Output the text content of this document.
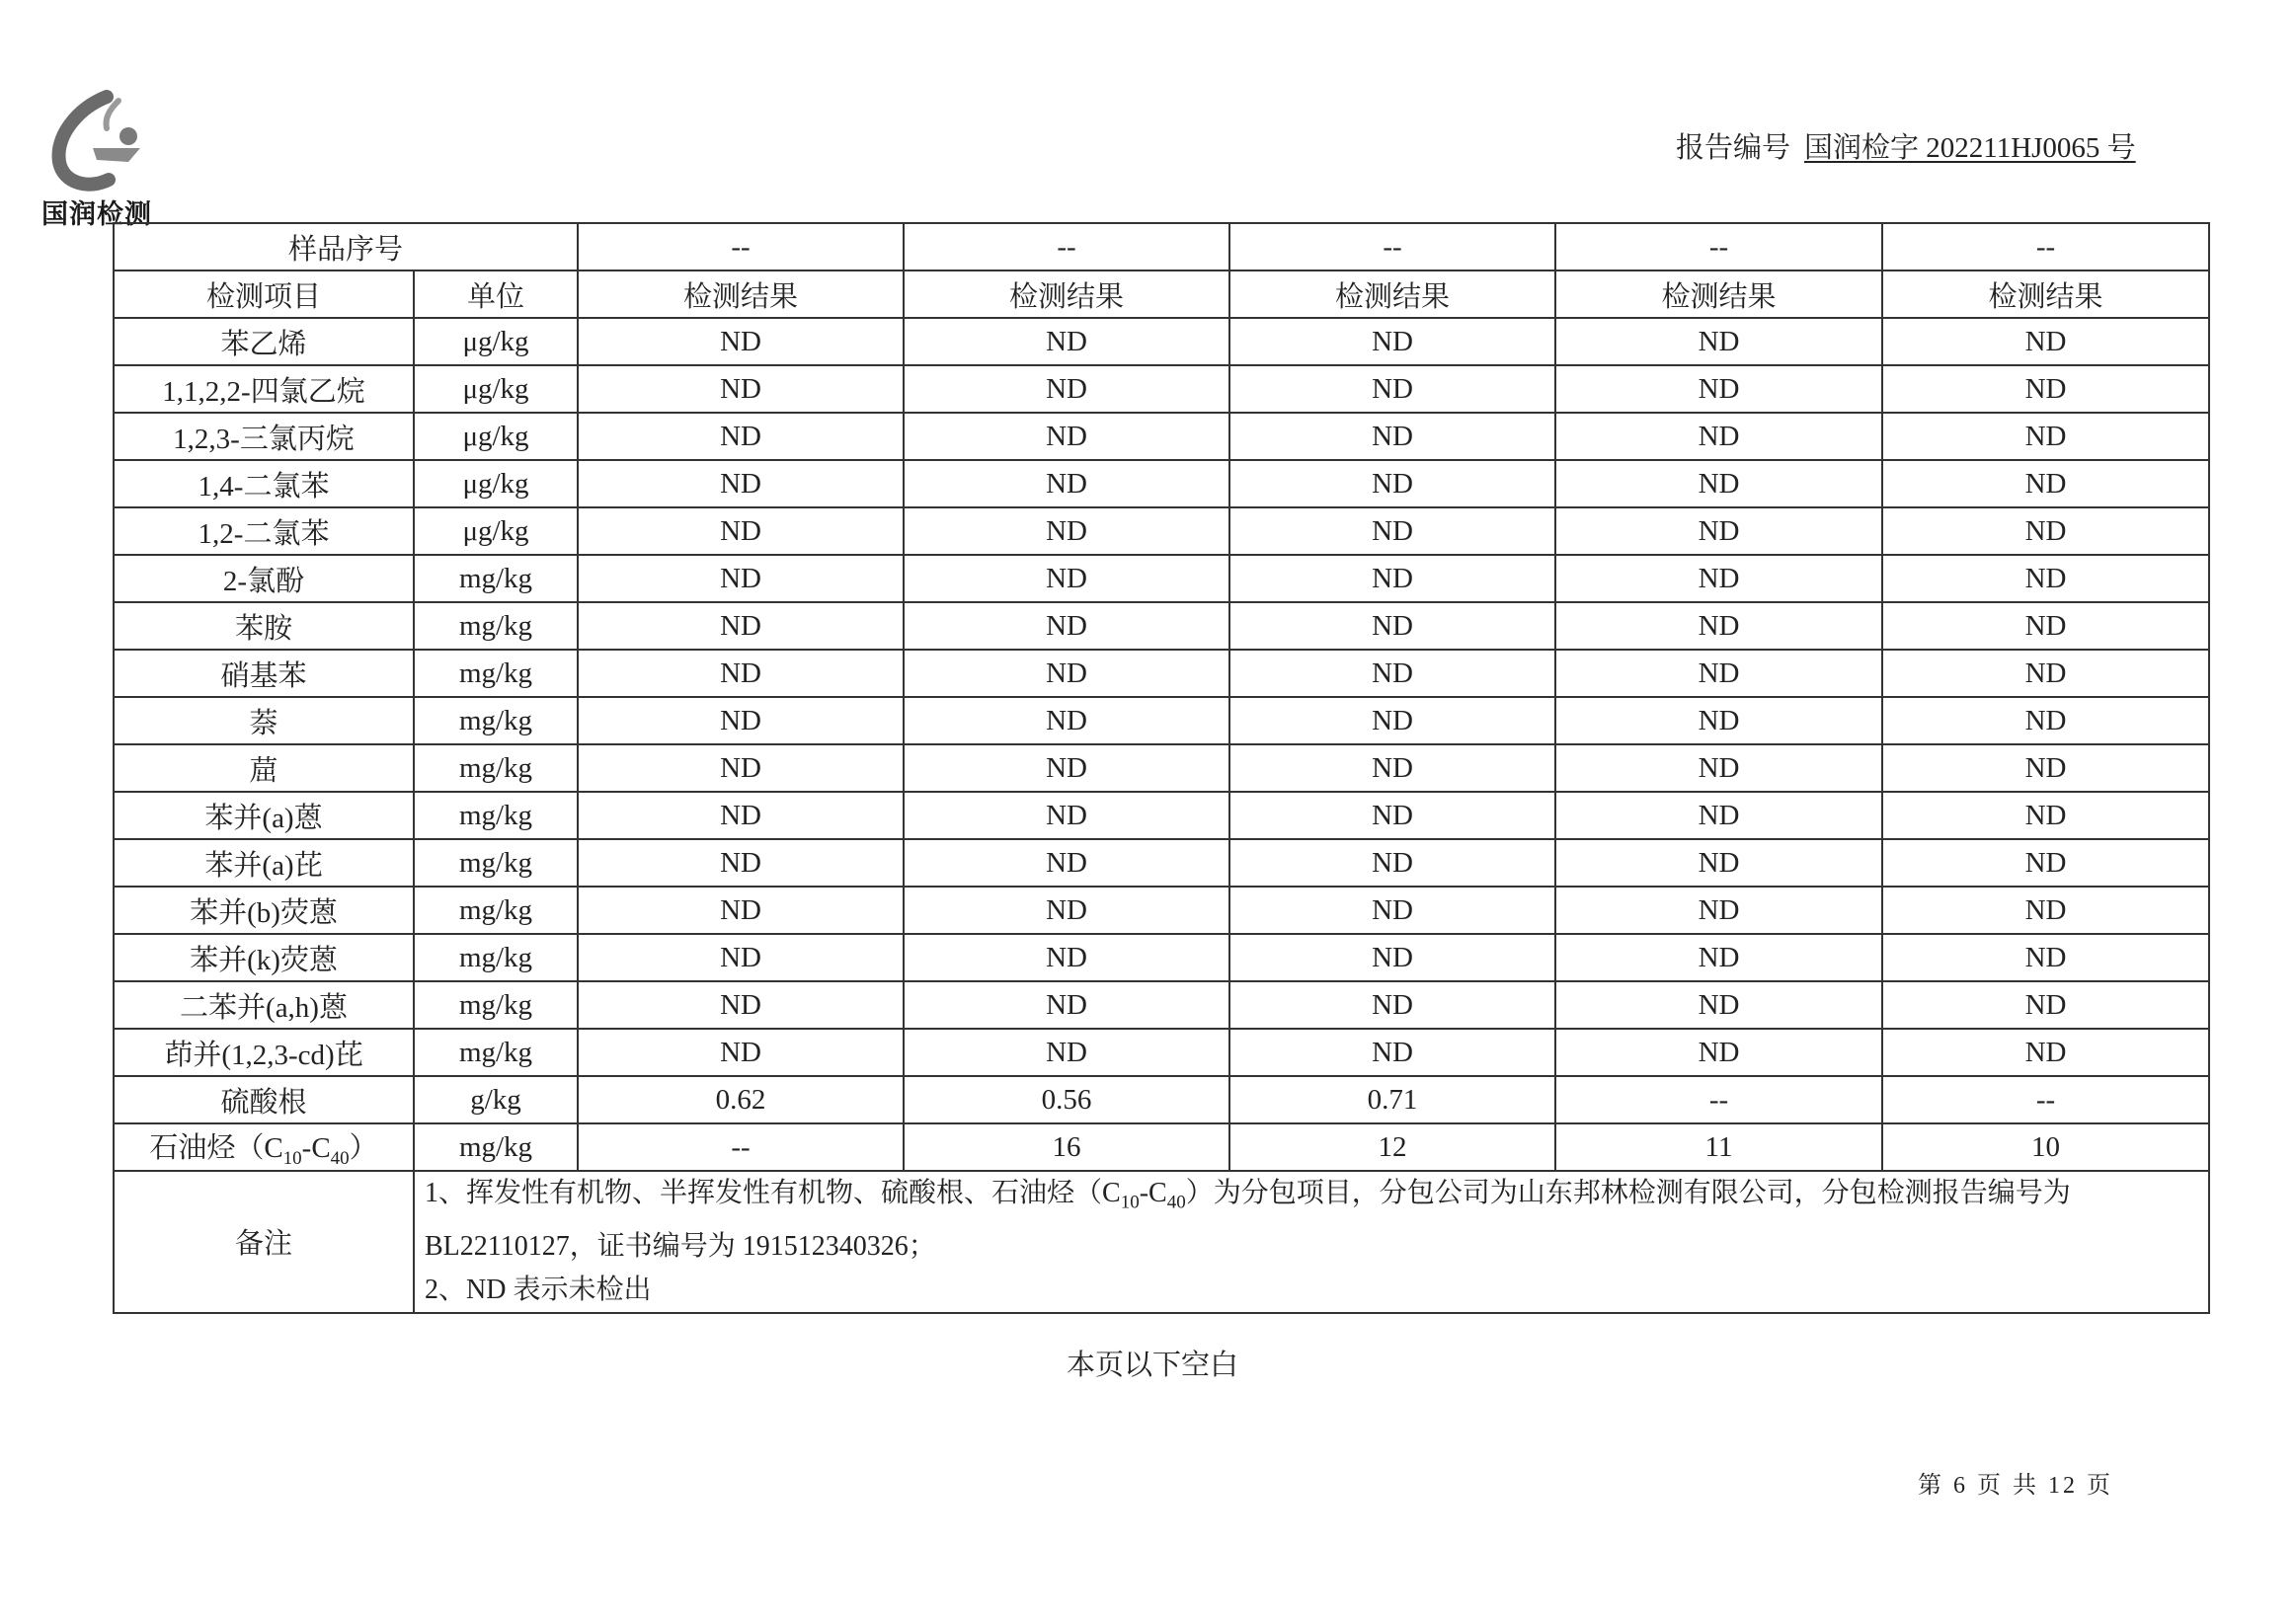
国润检测
报告编号 国润检字 202211HJ0065 号
样品序号		--	--	--	--	--
检测项目	单位	检测结果	检测结果	检测结果	检测结果	检测结果
苯乙烯	μg/kg	ND	ND	ND	ND	ND
1,1,2,2-四氯乙烷	μg/kg	ND	ND	ND	ND	ND
1,2,3-三氯丙烷	μg/kg	ND	ND	ND	ND	ND
1,4-二氯苯	μg/kg	ND	ND	ND	ND	ND
1,2-二氯苯	μg/kg	ND	ND	ND	ND	ND
2-氯酚	mg/kg	ND	ND	ND	ND	ND
苯胺	mg/kg	ND	ND	ND	ND	ND
硝基苯	mg/kg	ND	ND	ND	ND	ND
萘	mg/kg	ND	ND	ND	ND	ND
䓛	mg/kg	ND	ND	ND	ND	ND
苯并(a)蒽	mg/kg	ND	ND	ND	ND	ND
苯并(a)芘	mg/kg	ND	ND	ND	ND	ND
苯并(b)荧蒽	mg/kg	ND	ND	ND	ND	ND
苯并(k)荧蒽	mg/kg	ND	ND	ND	ND	ND
二苯并(a,h)蒽	mg/kg	ND	ND	ND	ND	ND
茚并(1,2,3-cd)芘	mg/kg	ND	ND	ND	ND	ND
硫酸根	g/kg	0.62	0.56	0.71	--	--
石油烃$(C_{10}-C_{40})$	mg/kg	--	16	12	11	10
备注	1、挥发性有机物、半挥发性有机物、硫酸根、石油烃$(C_{10}-C_{40})$为分包项目，分包公司为山东邦林检测有限公司，分包检测报告编号为 BL22110127，证书编号为 191512340326；
2、ND 表示未检出					
本页以下空白
第 6 页 共 12 页
